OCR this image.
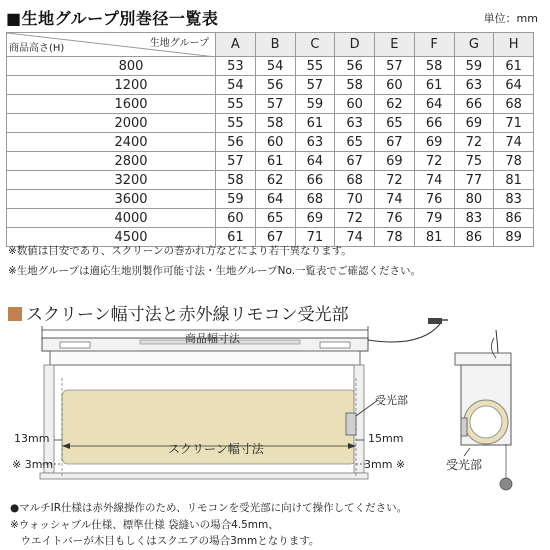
■生地グループ別巻径一覧表	単位：mm
生地グループ
商品高さ(H)	A	B	C	D	E	F	G	H
800	53	54	55	56	57	58	59	61
1200	54	56	57	58	60	61	63	64
1600	55	57	59	60	62	64	66	68
2000	55	58	61	63	65	66	69	71
2400	56	60	63	65	67	69	72	74
2800	57	61	64	67	69	72	75	78
3200	58	62	66	68	72	74	77	81
3600	59	64	68	70	74	76	80	83
4000	60	65	69	72	76	79	83	86
4500	61	67	71	74	78	81	86	89
※数値は目安であり、スクリーンの巻かれ方などにより若干異なります。
※生地グループは適応生地別製作可能寸法・生地グループNo.一覧表でご確認ください。
スクリーン幅寸法と赤外線リモコン受光部
商品幅寸法
受光部
スクリーン幅寸法
13mm	15mm
※ 3mm	3mm ※	受光部
●マルチIR仕様は赤外線操作のため、リモコンを受光部に向けて操作してください。
※ウォッシャブル仕様、標準仕様 袋縫いの場合4.5mm、
　ウエイトバーが木目もしくはスクエアの場合3mmとなります。
